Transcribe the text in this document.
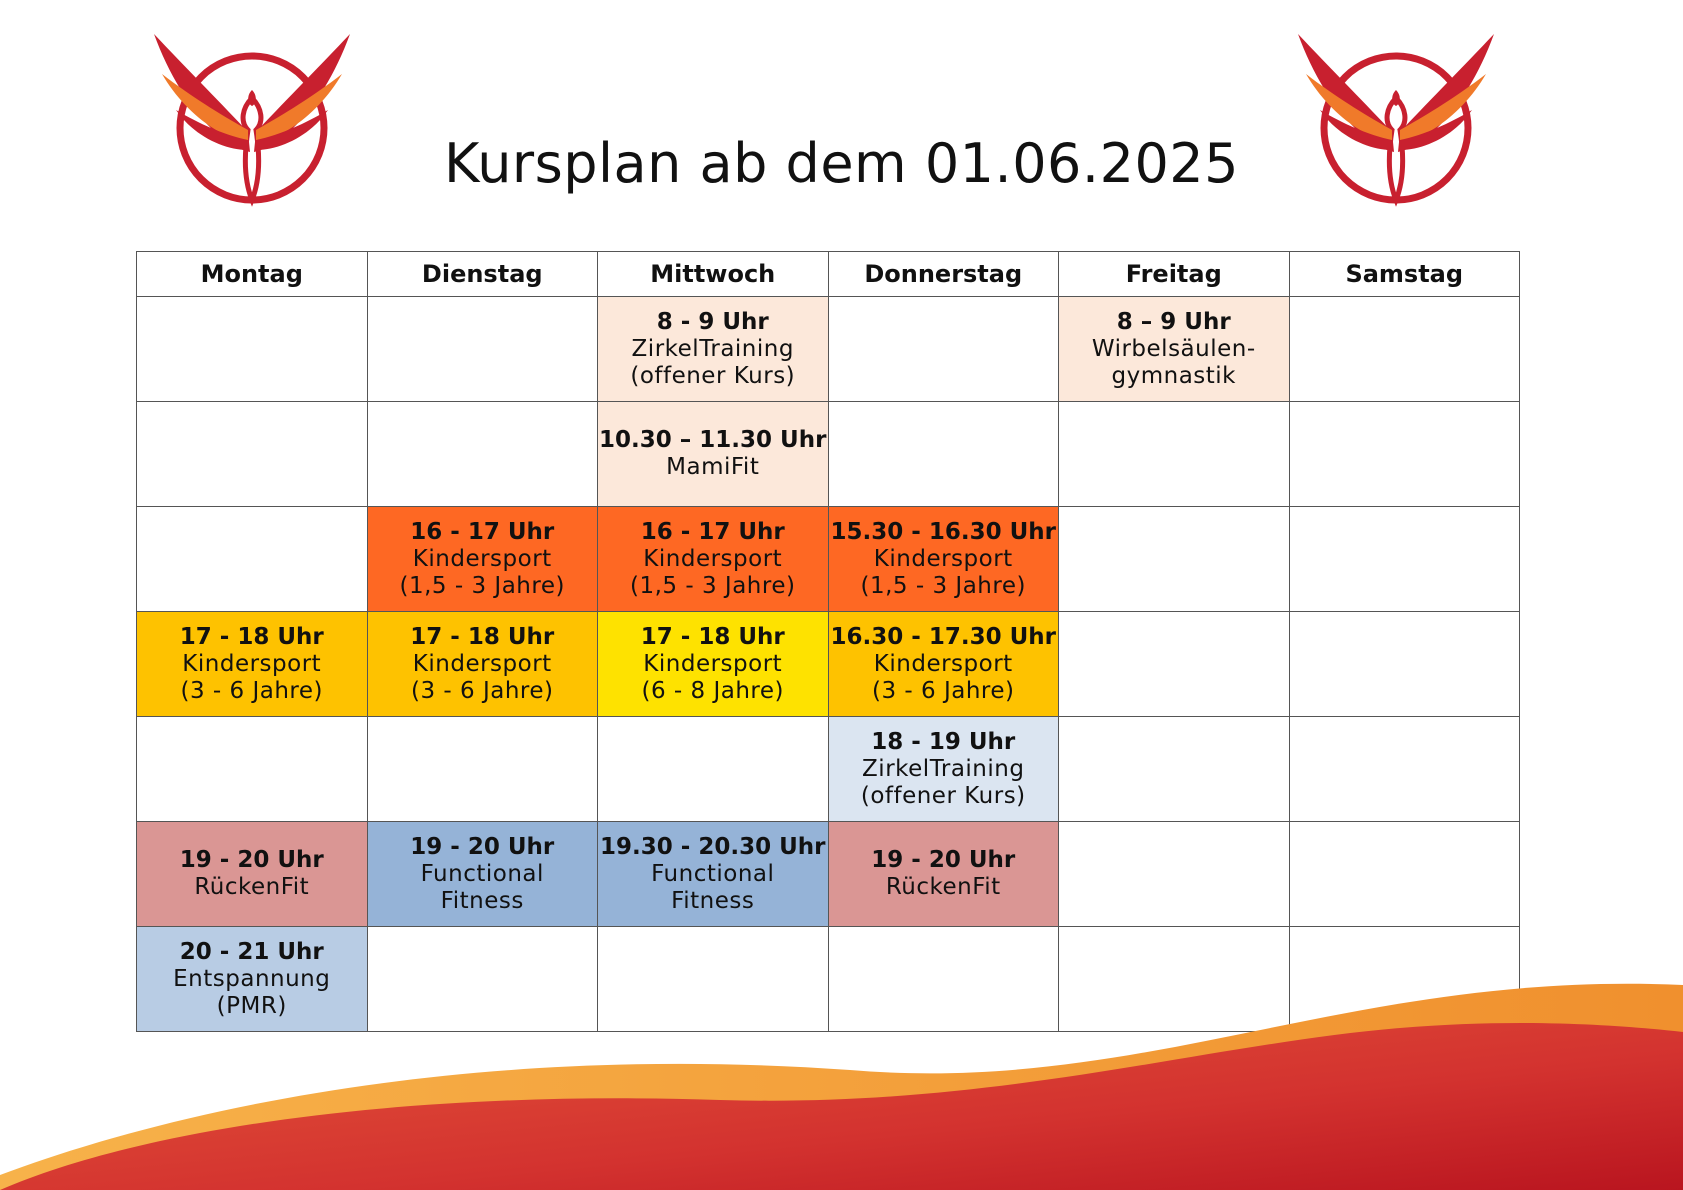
Kursplan ab dem 01.06.2025
Montag	Dienstag	Mittwoch	Donnerstag	Freitag	Samstag

		8 - 9 Uhr
ZirkelTraining
(offener Kurs)		8 – 9 Uhr
Wirbelsäulen-
gymnastik	

		10.30 – 11.30 Uhr
MamiFit			

	16 - 17 Uhr
Kindersport
(1,5 - 3 Jahre)	16 - 17 Uhr
Kindersport
(1,5 - 3 Jahre)	15.30 - 16.30 Uhr
Kindersport
(1,5 - 3 Jahre)		

17 - 18 Uhr
Kindersport
(3 - 6 Jahre)	17 - 18 Uhr
Kindersport
(3 - 6 Jahre)	17 - 18 Uhr
Kindersport
(6 - 8 Jahre)	16.30 - 17.30 Uhr
Kindersport
(3 - 6 Jahre)		

			18 - 19 Uhr
ZirkelTraining
(offener Kurs)		

19 - 20 Uhr
RückenFit	19 - 20 Uhr
Functional
Fitness	19.30 - 20.30 Uhr
Functional
Fitness	19 - 20 Uhr
RückenFit		

20 - 21 Uhr
Entspannung
(PMR)					
